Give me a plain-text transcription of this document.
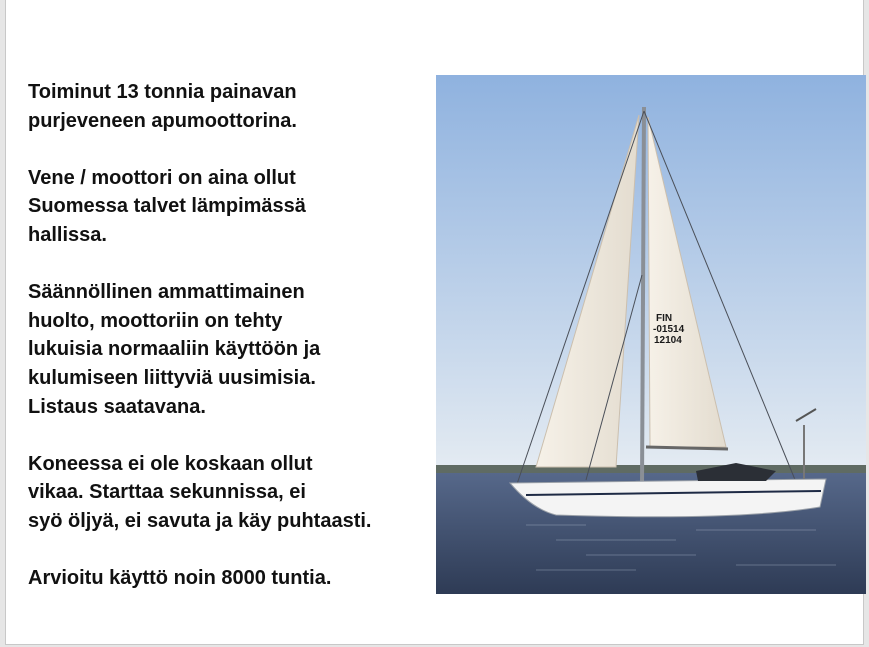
Toiminut 13 tonnia painavan
purjeveneen apumoottorina.

Vene / moottori on aina ollut
Suomessa talvet lämpimässä
hallissa.

Säännöllinen ammattimainen
huolto, moottoriin on tehty
lukuisia normaaliin käyttöön ja
kulumiseen liittyviä uusimisia.
Listaus saatavana.

Koneessa ei ole koskaan ollut
vikaa. Starttaa sekunnissa, ei
syö öljyä, ei savuta ja käy puhtaasti.

Arvioitu käyttö noin 8000 tuntia.

FIN
-01514
12104
